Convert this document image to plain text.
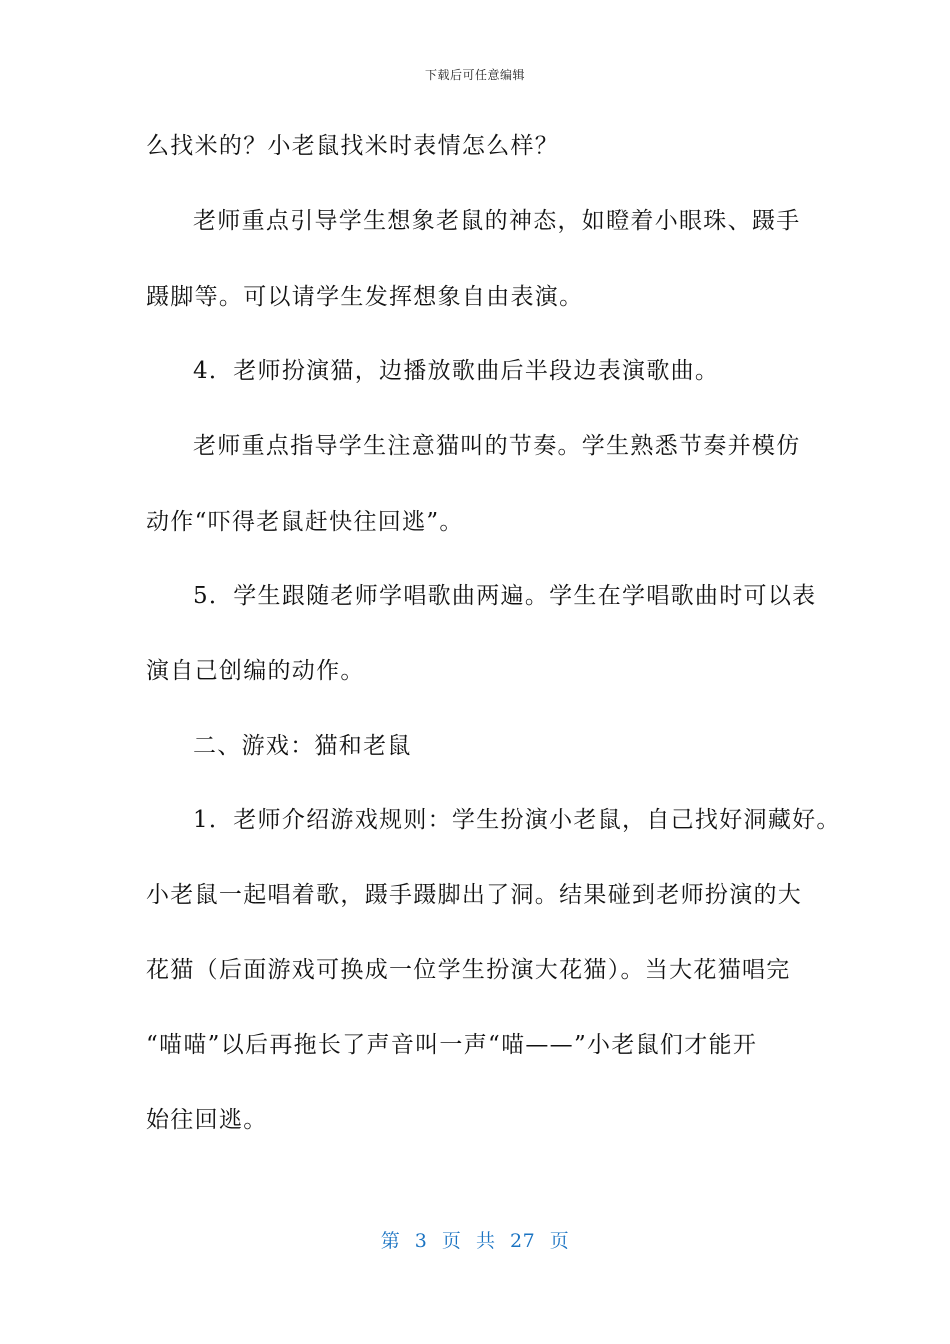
下载后可任意编辑
么找米的？小老鼠找米时表情怎么样？
老师重点引导学生想象老鼠的神态，如瞪着小眼珠、蹑手
蹑脚等。可以请学生发挥想象自由表演。
4．老师扮演猫，边播放歌曲后半段边表演歌曲。
老师重点指导学生注意猫叫的节奏。学生熟悉节奏并模仿
动作“吓得老鼠赶快往回逃”。
5．学生跟随老师学唱歌曲两遍。学生在学唱歌曲时可以表
演自己创编的动作。
二、游戏：猫和老鼠
1．老师介绍游戏规则：学生扮演小老鼠，自己找好洞藏好。
小老鼠一起唱着歌，蹑手蹑脚出了洞。结果碰到老师扮演的大
花猫（后面游戏可换成一位学生扮演大花猫）。当大花猫唱完
“喵喵”以后再拖长了声音叫一声“喵——”小老鼠们才能开
始往回逃。
第 3 页 共 27 页
